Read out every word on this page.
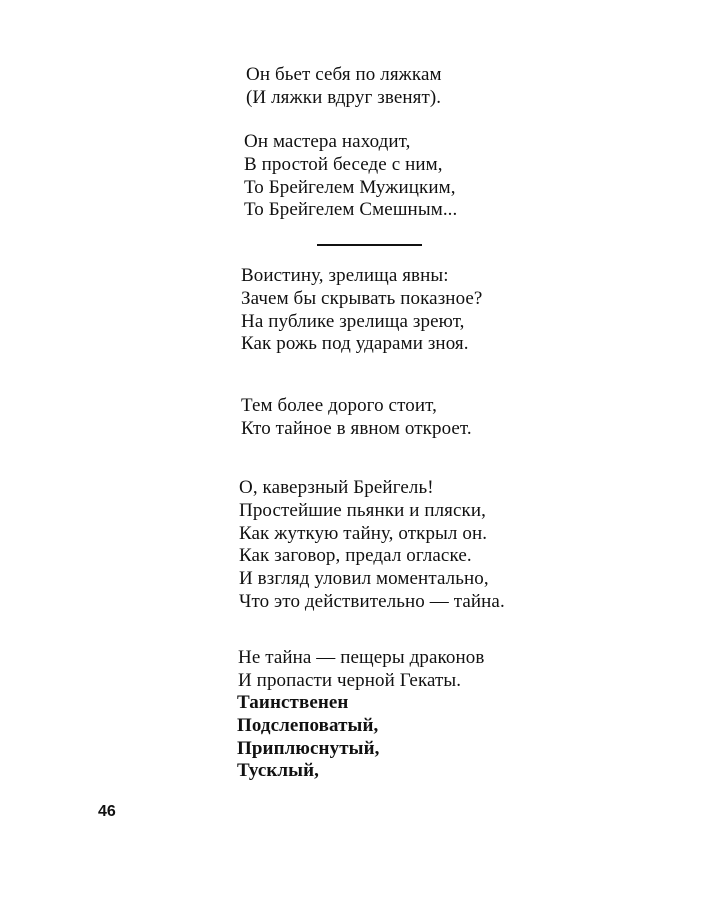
Он бьет себя по ляжкам
(И ляжки вдруг звенят).
Он мастера находит,
В простой беседе с ним,
То Брейгелем Мужицким,
То Брейгелем Смешным...
Воистину, зрелища явны:
Зачем бы скрывать показное?
На публике зрелища зреют,
Как рожь под ударами зноя.
Тем более дорого стоит,
Кто тайное в явном откроет.
О, каверзный Брейгель!
Простейшие пьянки и пляски,
Как жуткую тайну, открыл он.
Как заговор, предал огласке.
И взгляд уловил моментально,
Что это действительно — тайна.
Не тайна — пещеры драконов
И пропасти черной Гекаты.
Таинственен
Подслеповатый,
Приплюснутый,
Тусклый,
46
